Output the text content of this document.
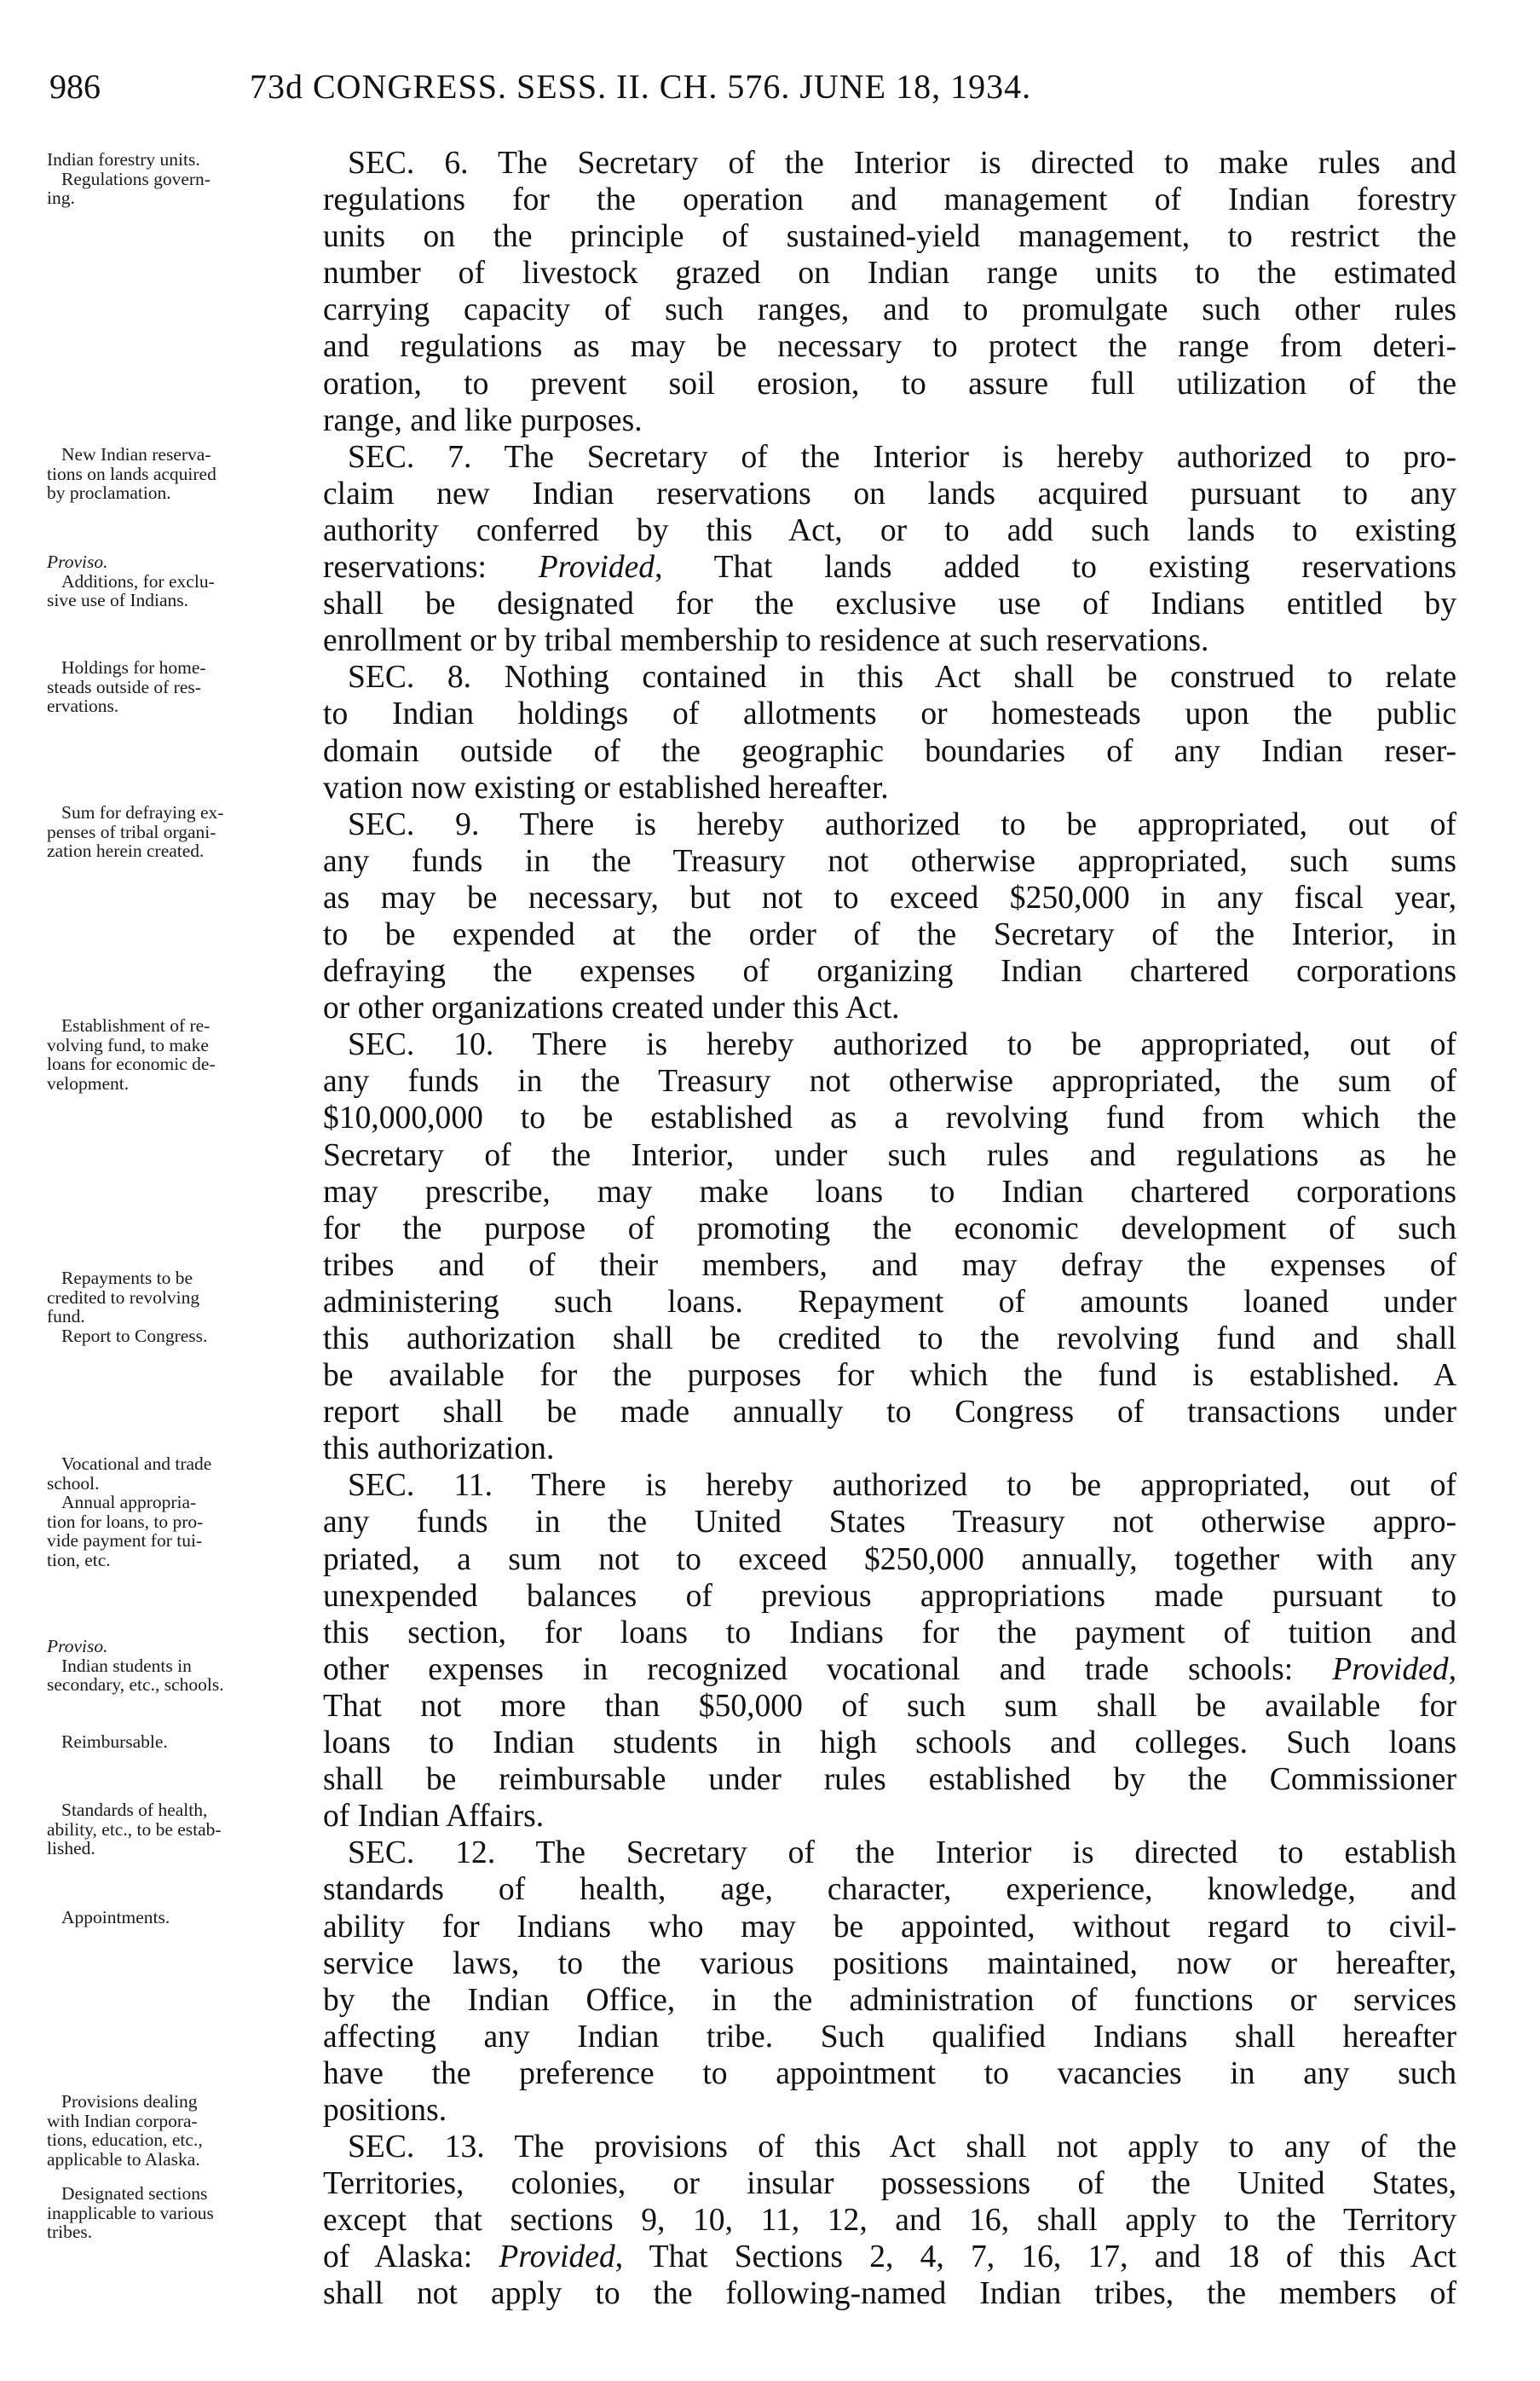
986	73d CONGRESS. SESS. II. CH. 576. JUNE 18, 1934.
Indian forestry units.
Regulations govern-
ing.
New Indian reserva-
tions on lands acquired
by proclamation.
Proviso.
Additions, for exclu-
sive use of Indians.
Holdings for home-
steads outside of res-
ervations.
Sum for defraying ex-
penses of tribal organi-
zation herein created.
Establishment of re-
volving fund, to make
loans for economic de-
velopment.
Repayments to be
credited to revolving
fund.
Report to Congress.
Vocational and trade
school.
Annual appropria-
tion for loans, to pro-
vide payment for tui-
tion, etc.
Proviso.
Indian students in
secondary, etc., schools.
Reimbursable.
Standards of health,
ability, etc., to be estab-
lished.
Appointments.
Provisions dealing
with Indian corpora-
tions, education, etc.,
applicable to Alaska.
Designated sections
inapplicable to various
tribes.
SEC. 6. The Secretary of the Interior is directed to make rules and
regulations for the operation and management of Indian forestry
units on the principle of sustained-yield management, to restrict the
number of livestock grazed on Indian range units to the estimated
carrying capacity of such ranges, and to promulgate such other rules
and regulations as may be necessary to protect the range from deteri-
oration, to prevent soil erosion, to assure full utilization of the
range, and like purposes.
SEC. 7. The Secretary of the Interior is hereby authorized to pro-
claim new Indian reservations on lands acquired pursuant to any
authority conferred by this Act, or to add such lands to existing
reservations: Provided, That lands added to existing reservations
shall be designated for the exclusive use of Indians entitled by
enrollment or by tribal membership to residence at such reservations.
SEC. 8. Nothing contained in this Act shall be construed to relate
to Indian holdings of allotments or homesteads upon the public
domain outside of the geographic boundaries of any Indian reser-
vation now existing or established hereafter.
SEC. 9. There is hereby authorized to be appropriated, out of
any funds in the Treasury not otherwise appropriated, such sums
as may be necessary, but not to exceed $250,000 in any fiscal year,
to be expended at the order of the Secretary of the Interior, in
defraying the expenses of organizing Indian chartered corporations
or other organizations created under this Act.
SEC. 10. There is hereby authorized to be appropriated, out of
any funds in the Treasury not otherwise appropriated, the sum of
$10,000,000 to be established as a revolving fund from which the
Secretary of the Interior, under such rules and regulations as he
may prescribe, may make loans to Indian chartered corporations
for the purpose of promoting the economic development of such
tribes and of their members, and may defray the expenses of
administering such loans. Repayment of amounts loaned under
this authorization shall be credited to the revolving fund and shall
be available for the purposes for which the fund is established. A
report shall be made annually to Congress of transactions under
this authorization.
SEC. 11. There is hereby authorized to be appropriated, out of
any funds in the United States Treasury not otherwise appro-
priated, a sum not to exceed $250,000 annually, together with any
unexpended balances of previous appropriations made pursuant to
this section, for loans to Indians for the payment of tuition and
other expenses in recognized vocational and trade schools: Provided,
That not more than $50,000 of such sum shall be available for
loans to Indian students in high schools and colleges. Such loans
shall be reimbursable under rules established by the Commissioner
of Indian Affairs.
SEC. 12. The Secretary of the Interior is directed to establish
standards of health, age, character, experience, knowledge, and
ability for Indians who may be appointed, without regard to civil-
service laws, to the various positions maintained, now or hereafter,
by the Indian Office, in the administration of functions or services
affecting any Indian tribe. Such qualified Indians shall hereafter
have the preference to appointment to vacancies in any such
positions.
SEC. 13. The provisions of this Act shall not apply to any of the
Territories, colonies, or insular possessions of the United States,
except that sections 9, 10, 11, 12, and 16, shall apply to the Territory
of Alaska: Provided, That Sections 2, 4, 7, 16, 17, and 18 of this Act
shall not apply to the following-named Indian tribes, the members of
